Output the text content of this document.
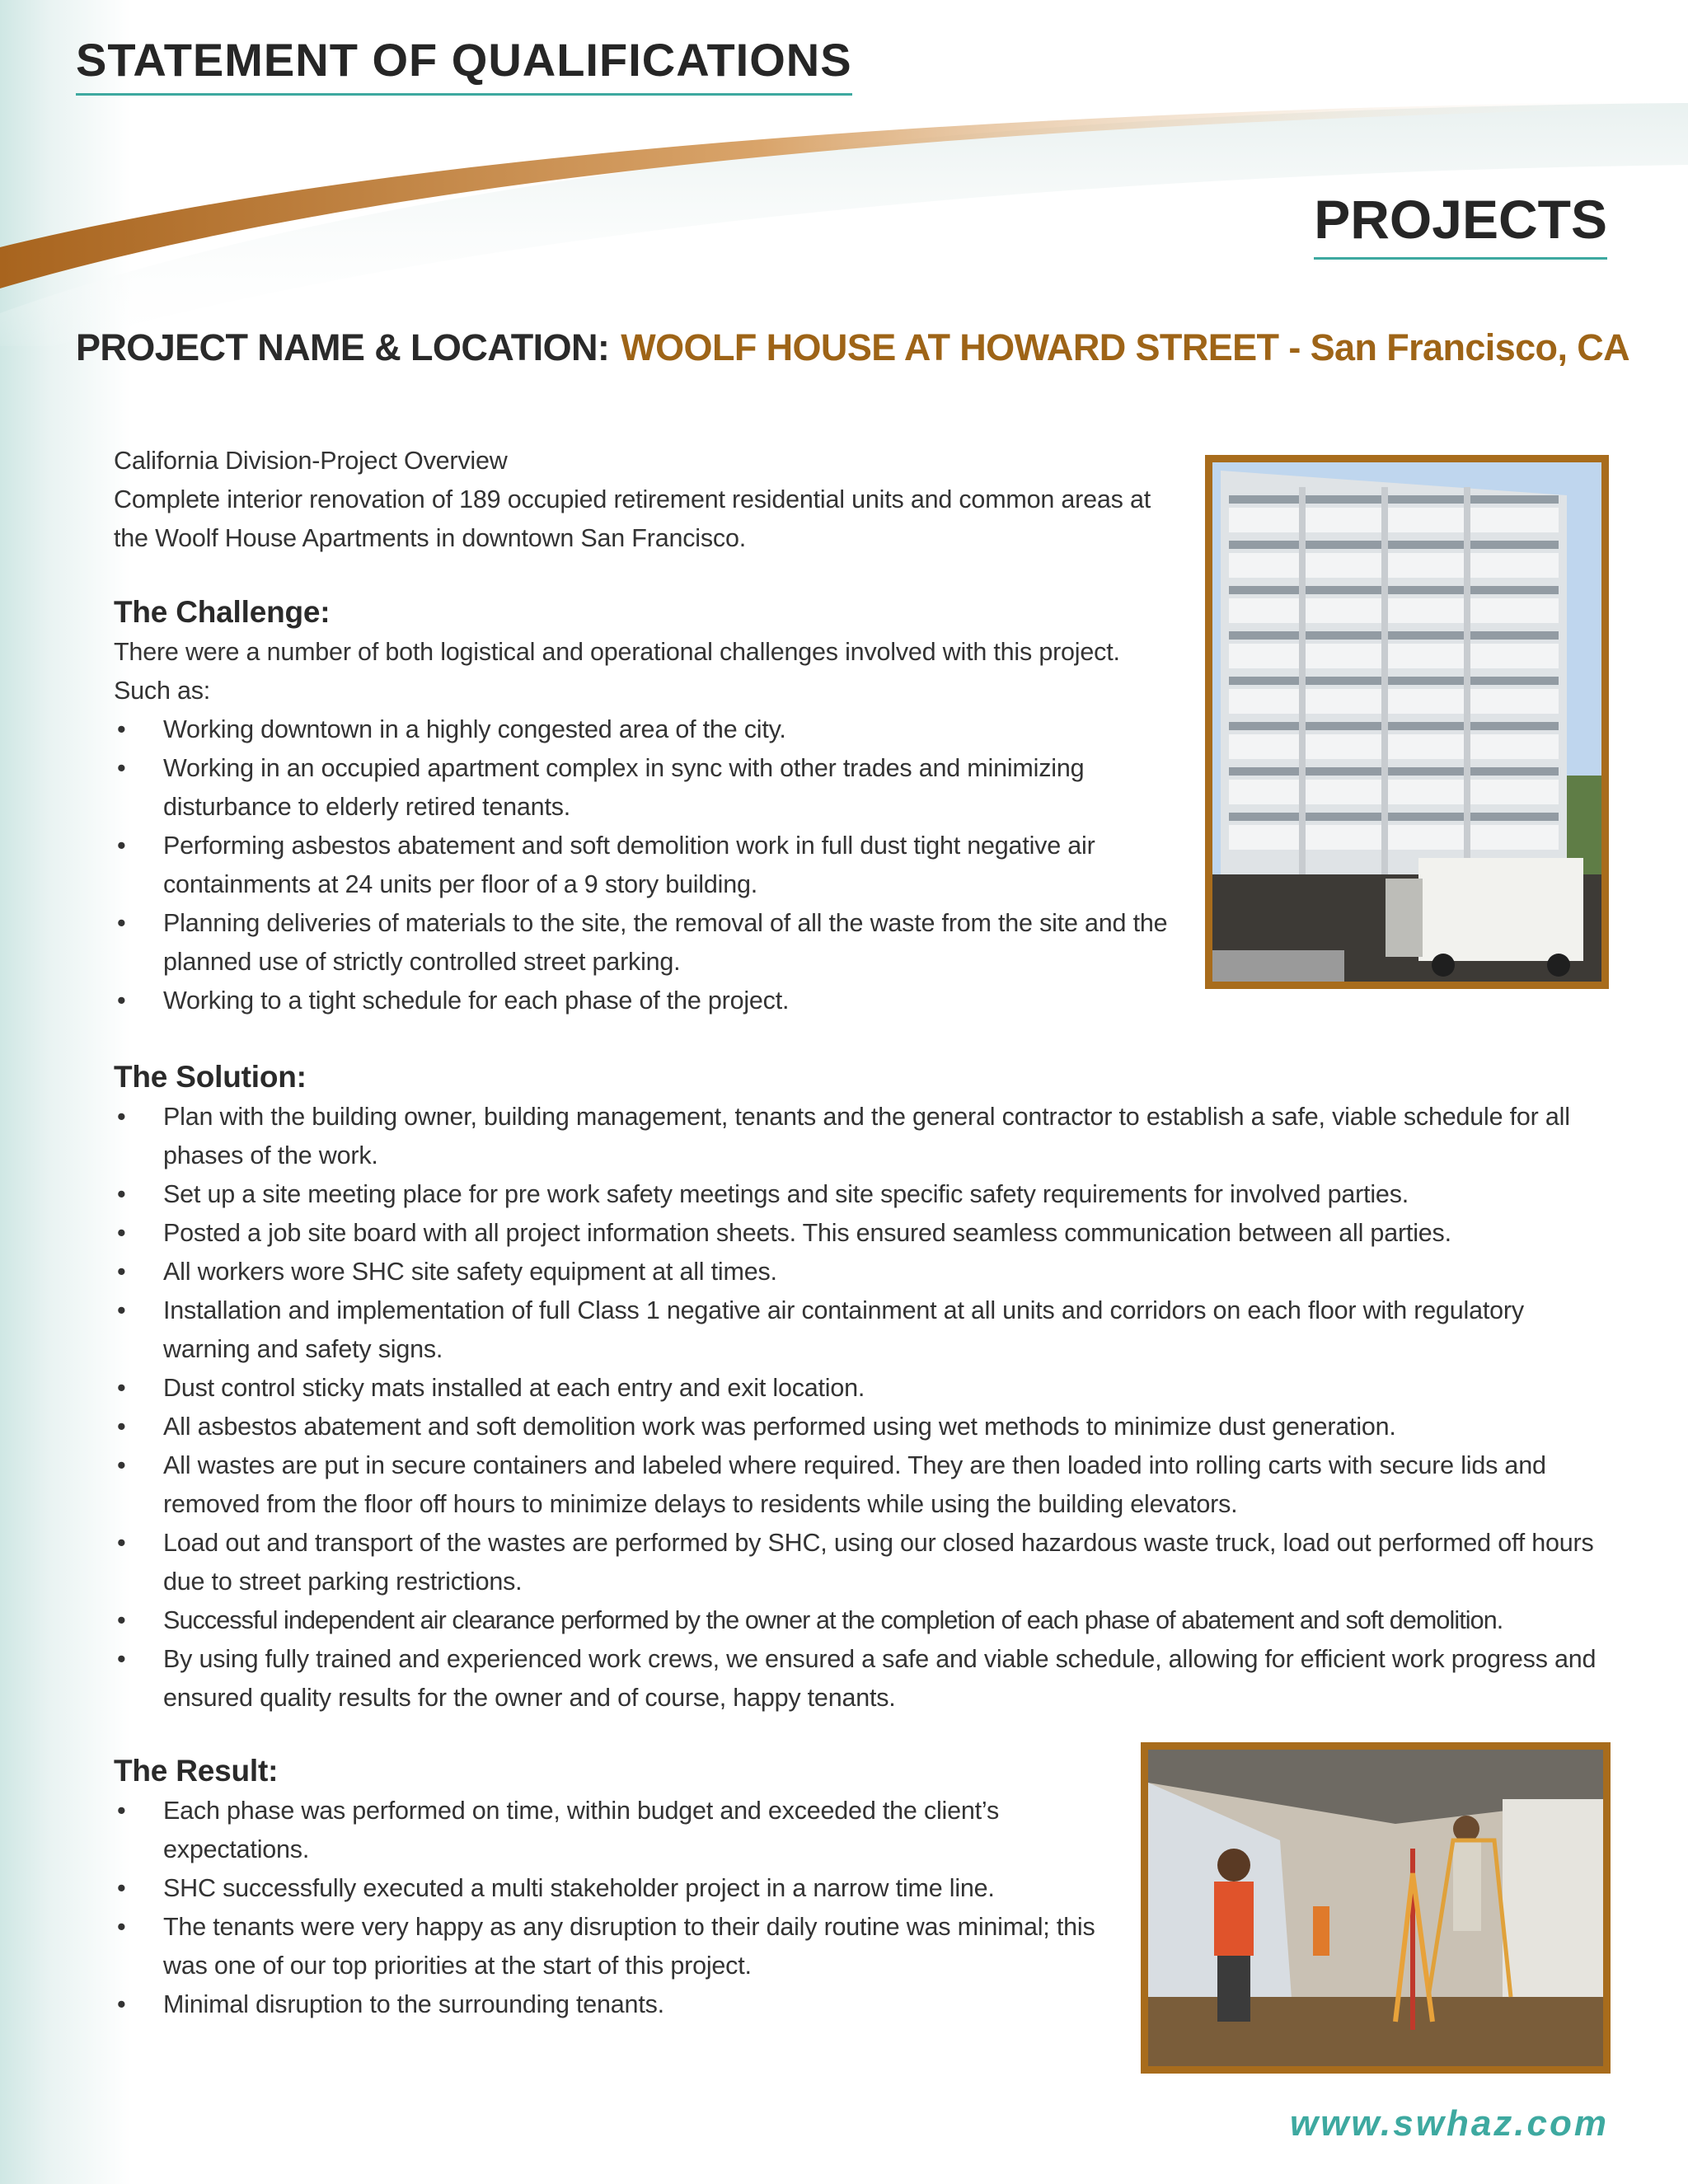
STATEMENT OF QUALIFICATIONS
PROJECTS
PROJECT NAME & LOCATION: WOOLF HOUSE AT HOWARD STREET - San Francisco, CA

California Division-Project Overview

Complete interior renovation of 189 occupied retirement residential units and common areas at the Woolf House Apartments in downtown San Francisco.

The Challenge:

There were a number of both logistical and operational challenges involved with this project. Such as:

• Working downtown in a highly congested area of the city.
• Working in an occupied apartment complex in sync with other trades and minimizing disturbance to elderly retired tenants.
• Performing asbestos abatement and soft demolition work in full dust tight negative air containments at 24 units per floor of a 9 story building.
• Planning deliveries of materials to the site, the removal of all the waste from the site and the planned use of strictly controlled street parking.
• Working to a tight schedule for each phase of the project.
The Solution:
• Plan with the building owner, building management, tenants and the general contractor to establish a safe, viable schedule for all phases of the work.
• Set up a site meeting place for pre work safety meetings and site specific safety requirements for involved parties.
• Posted a job site board with all project information sheets. This ensured seamless communication between all parties.
• All workers wore SHC site safety equipment at all times.
• Installation and implementation of full Class 1 negative air containment at all units and corridors on each floor with regulatory warning and safety signs.
• Dust control sticky mats installed at each entry and exit location.
• All asbestos abatement and soft demolition work was performed using wet methods to minimize dust generation.
• All wastes are put in secure containers and labeled where required. They are then loaded into rolling carts with secure lids and removed from the floor off hours to minimize delays to residents while using the building elevators.
• Load out and transport of the wastes are performed by SHC, using our closed hazardous waste truck, load out performed off hours due to street parking restrictions.
• Successful independent air clearance performed by the owner at the completion of each phase of abatement and soft demolition.
• By using fully trained and experienced work crews, we ensured a safe and viable schedule, allowing for efficient work progress and ensured quality results for the owner and of course, happy tenants.
The Result:
• Each phase was performed on time, within budget and exceeded the client’s expectations.
• SHC successfully executed a multi stakeholder project in a narrow time line.
• The tenants were very happy as any disruption to their daily routine was minimal; this was one of our top priorities at the start of this project.
• Minimal disruption to the surrounding tenants.
www.swhaz.com
